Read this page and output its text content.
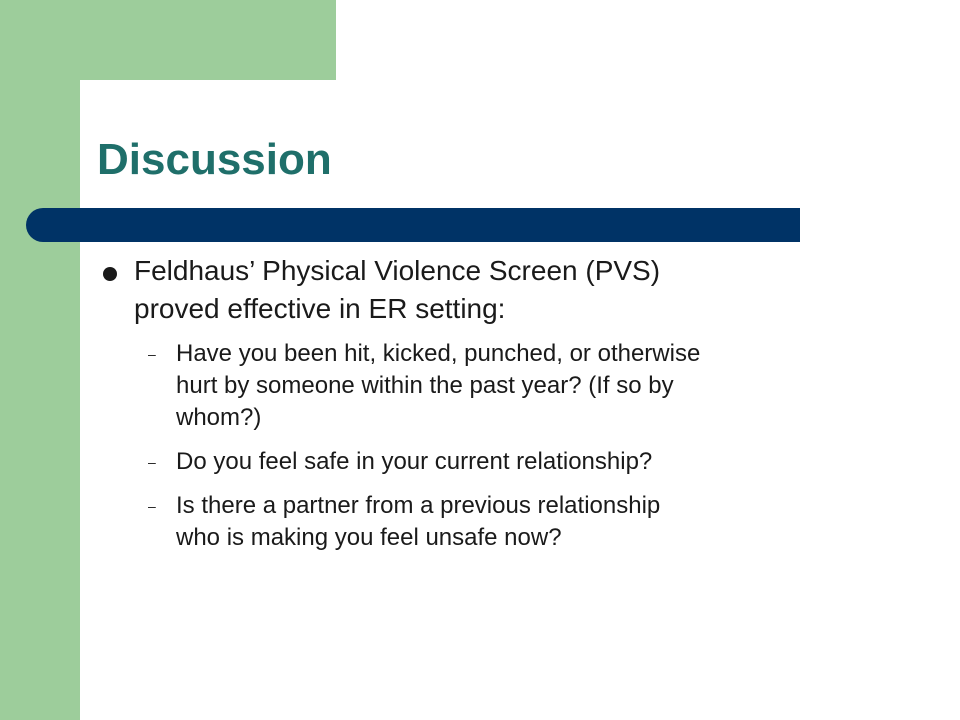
Discussion
Feldhaus’ Physical Violence Screen (PVS)
proved effective in ER setting:
– Have you been hit, kicked, punched, or otherwise
hurt by someone within the past year? (If so by
whom?)
– Do you feel safe in your current relationship?
– Is there a partner from a previous relationship
who is making you feel unsafe now?
